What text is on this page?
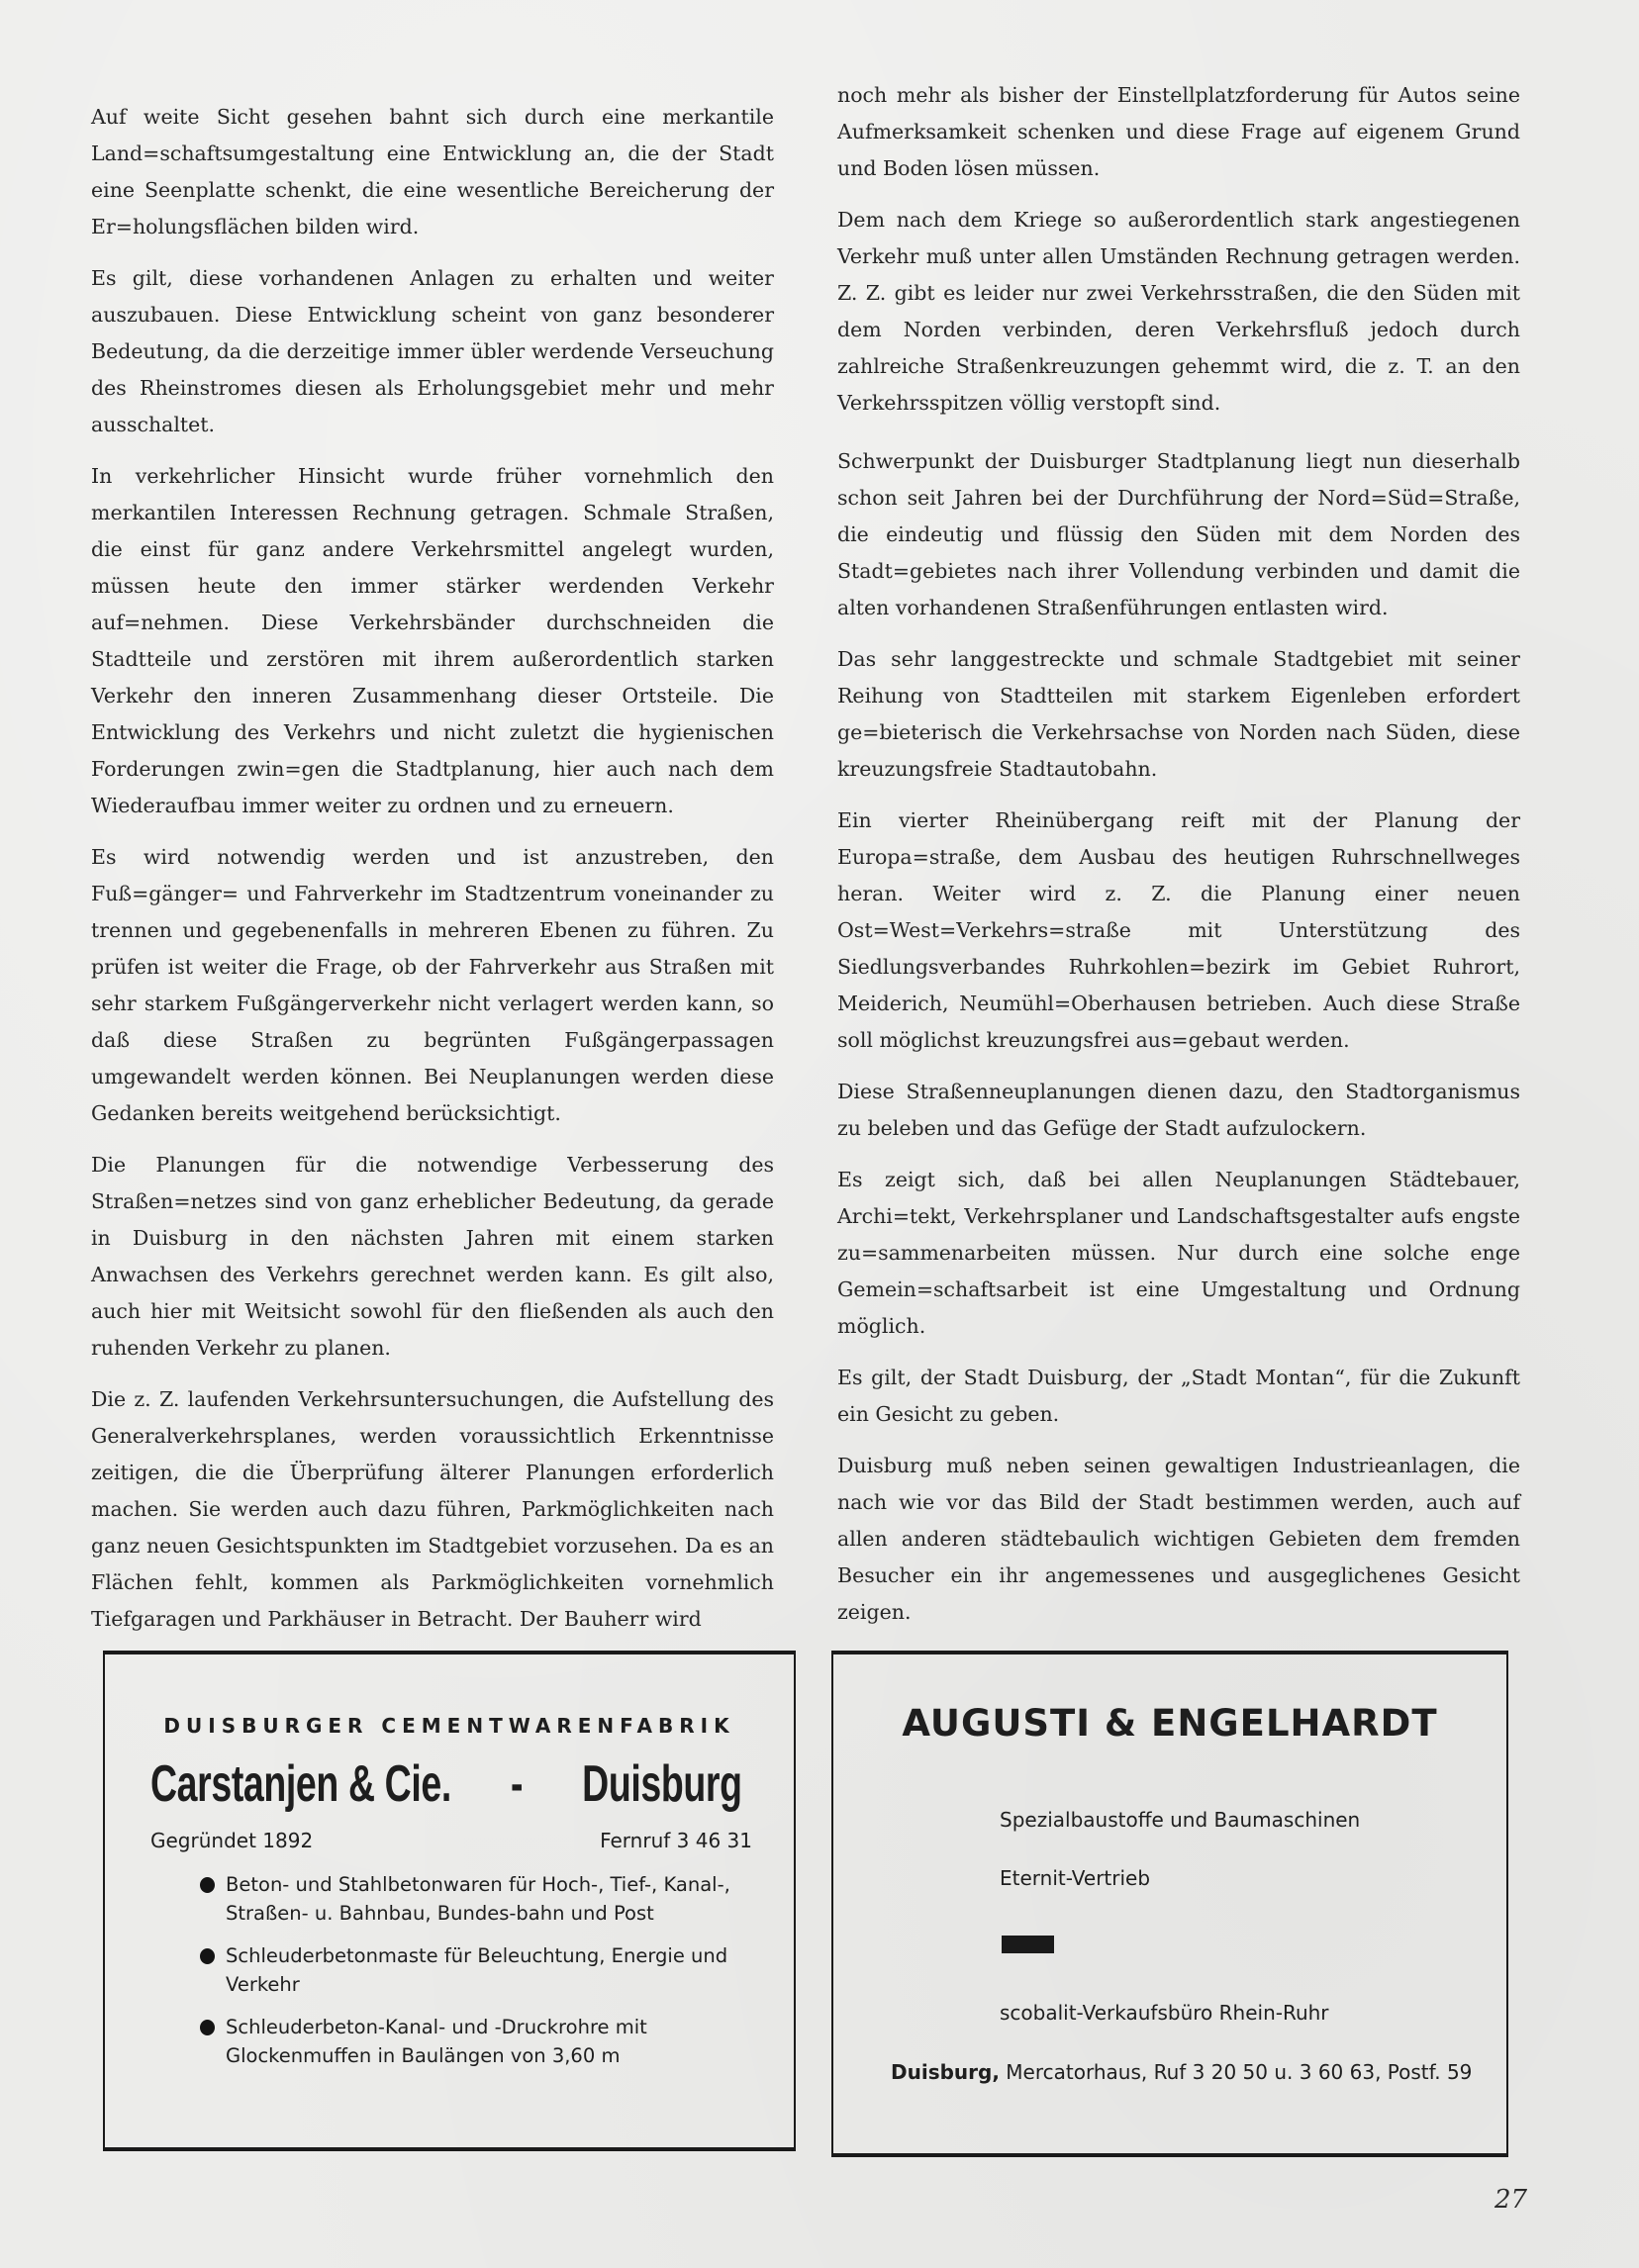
Auf weite Sicht gesehen bahnt sich durch eine merkantile Land=schaftsumgestaltung eine Entwicklung an, die der Stadt eine Seenplatte schenkt, die eine wesentliche Bereicherung der Er=holungsflächen bilden wird.

Es gilt, diese vorhandenen Anlagen zu erhalten und weiter auszubauen. Diese Entwicklung scheint von ganz besonderer Bedeutung, da die derzeitige immer übler werdende Verseuchung des Rheinstromes diesen als Erholungsgebiet mehr und mehr ausschaltet.

In verkehrlicher Hinsicht wurde früher vornehmlich den merkantilen Interessen Rechnung getragen. Schmale Straßen, die einst für ganz andere Verkehrsmittel angelegt wurden, müssen heute den immer stärker werdenden Verkehr auf=nehmen. Diese Verkehrsbänder durchschneiden die Stadtteile und zerstören mit ihrem außerordentlich starken Verkehr den inneren Zusammenhang dieser Ortsteile. Die Entwicklung des Verkehrs und nicht zuletzt die hygienischen Forderungen zwin=gen die Stadtplanung, hier auch nach dem Wiederaufbau immer weiter zu ordnen und zu erneuern.

Es wird notwendig werden und ist anzustreben, den Fuß=gänger= und Fahrverkehr im Stadtzentrum voneinander zu trennen und gegebenenfalls in mehreren Ebenen zu führen. Zu prüfen ist weiter die Frage, ob der Fahrverkehr aus Straßen mit sehr starkem Fußgängerverkehr nicht verlagert werden kann, so daß diese Straßen zu begrünten Fußgängerpassagen umgewandelt werden können. Bei Neuplanungen werden diese Gedanken bereits weitgehend berücksichtigt.

Die Planungen für die notwendige Verbesserung des Straßen=netzes sind von ganz erheblicher Bedeutung, da gerade in Duisburg in den nächsten Jahren mit einem starken Anwachsen des Verkehrs gerechnet werden kann. Es gilt also, auch hier mit Weitsicht sowohl für den fließenden als auch den ruhenden Verkehr zu planen.

Die z. Z. laufenden Verkehrsuntersuchungen, die Aufstellung des Generalverkehrsplanes, werden voraussichtlich Erkenntnisse zeitigen, die die Überprüfung älterer Planungen erforderlich machen. Sie werden auch dazu führen, Parkmöglichkeiten nach ganz neuen Gesichtspunkten im Stadtgebiet vorzusehen. Da es an Flächen fehlt, kommen als Parkmöglichkeiten vornehmlich Tiefgaragen und Parkhäuser in Betracht. Der Bauherr wird

noch mehr als bisher der Einstellplatzforderung für Autos seine Aufmerksamkeit schenken und diese Frage auf eigenem Grund und Boden lösen müssen.

Dem nach dem Kriege so außerordentlich stark angestiegenen Verkehr muß unter allen Umständen Rechnung getragen werden. Z. Z. gibt es leider nur zwei Verkehrsstraßen, die den Süden mit dem Norden verbinden, deren Verkehrsfluß jedoch durch zahlreiche Straßenkreuzungen gehemmt wird, die z. T. an den Verkehrsspitzen völlig verstopft sind.

Schwerpunkt der Duisburger Stadtplanung liegt nun dieserhalb schon seit Jahren bei der Durchführung der Nord=Süd=Straße, die eindeutig und flüssig den Süden mit dem Norden des Stadt=gebietes nach ihrer Vollendung verbinden und damit die alten vorhandenen Straßenführungen entlasten wird.

Das sehr langgestreckte und schmale Stadtgebiet mit seiner Reihung von Stadtteilen mit starkem Eigenleben erfordert ge=bieterisch die Verkehrsachse von Norden nach Süden, diese kreuzungsfreie Stadtautobahn.

Ein vierter Rheinübergang reift mit der Planung der Europa=straße, dem Ausbau des heutigen Ruhrschnellweges heran. Weiter wird z. Z. die Planung einer neuen Ost=West=Verkehrs=straße mit Unterstützung des Siedlungsverbandes Ruhrkohlen=bezirk im Gebiet Ruhrort, Meiderich, Neumühl=Oberhausen betrieben. Auch diese Straße soll möglichst kreuzungsfrei aus=gebaut werden.

Diese Straßenneuplanungen dienen dazu, den Stadtorganismus zu beleben und das Gefüge der Stadt aufzulockern.

Es zeigt sich, daß bei allen Neuplanungen Städtebauer, Archi=tekt, Verkehrsplaner und Landschaftsgestalter aufs engste zu=sammenarbeiten müssen. Nur durch eine solche enge Gemein=schaftsarbeit ist eine Umgestaltung und Ordnung möglich.

Es gilt, der Stadt Duisburg, der „Stadt Montan“, für die Zukunft ein Gesicht zu geben.

Duisburg muß neben seinen gewaltigen Industrieanlagen, die nach wie vor das Bild der Stadt bestimmen werden, auch auf allen anderen städtebaulich wichtigen Gebieten dem fremden Besucher ein ihr angemessenes und ausgeglichenes Gesicht zeigen.

DUISBURGER CEMENTWARENFABRIK
Carstanjen & Cie. - Duisburg
Gegründet 1892	Fernruf 3 46 31
Beton- und Stahlbetonwaren für Hoch-, Tief-, Kanal-, Straßen- u. Bahnbau, Bundes-bahn und Post
Schleuderbetonmaste für Beleuchtung, Energie und Verkehr
Schleuderbeton-Kanal- und -Druckrohre mit Glockenmuffen in Baulängen von 3,60 m
AUGUSTI & ENGELHARDT
Spezialbaustoffe und Baumaschinen
Eternit-Vertrieb
scobalit-Verkaufsbüro Rhein-Ruhr
Duisburg, Mercatorhaus, Ruf 3 20 50 u. 3 60 63, Postf. 59
27
